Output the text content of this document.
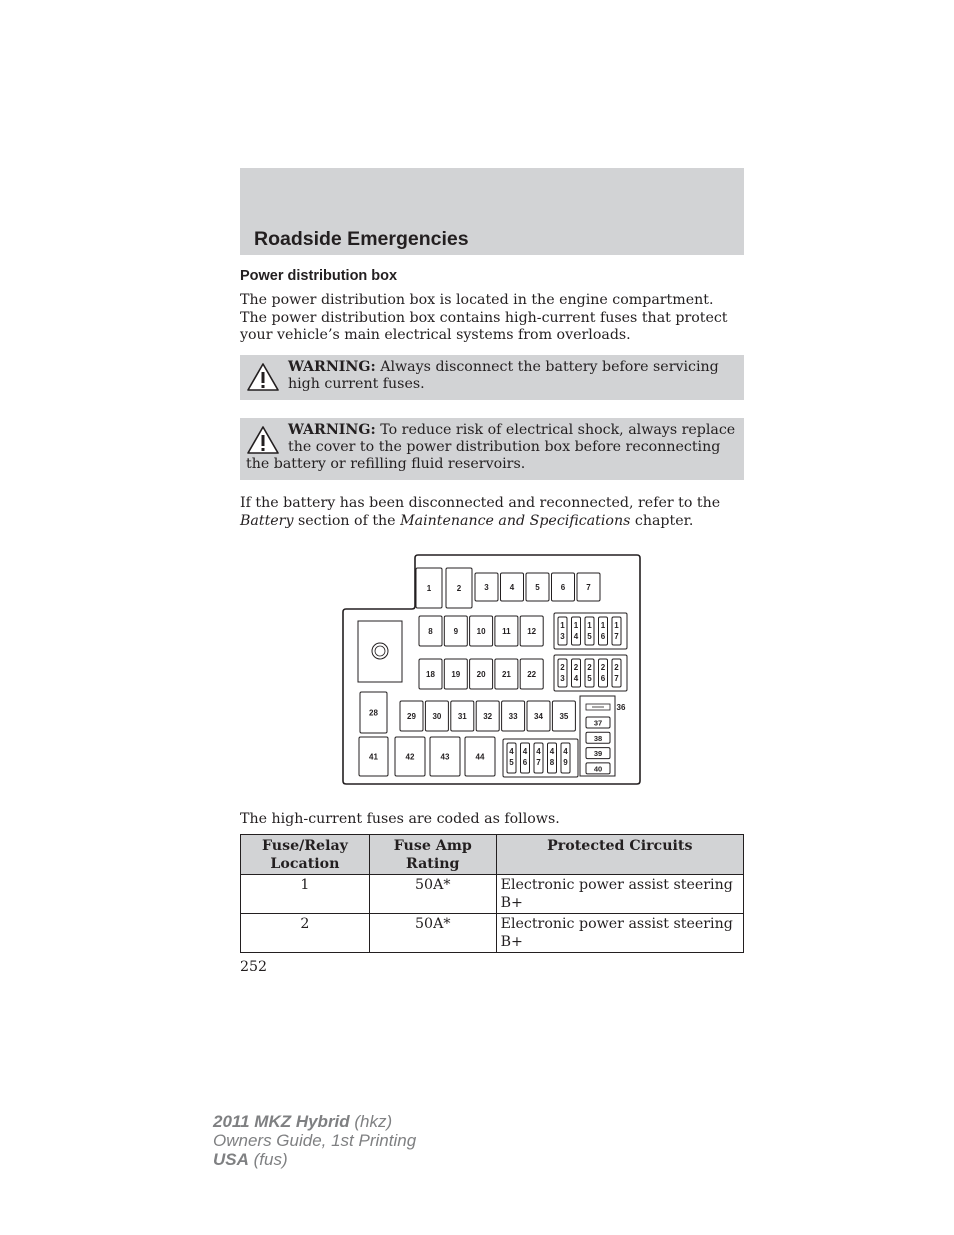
Roadside Emergencies
Power distribution box

The power distribution box is located in the engine compartment. The power distribution box contains high-current fuses that protect your vehicle’s main electrical systems from overloads.

WARNING: Always disconnect the battery before servicing high current fuses.
WARNING: To reduce risk of electrical shock, always replace the cover to the power distribution box before reconnecting the battery or refilling fluid reservoirs.

If the battery has been disconnected and reconnected, refer to the Battery section of the Maintenance and Specifications chapter.

1	2	3	4	5	6	7
8	9 10 11 12
18 19 20 21 22
1
3
1
4
1
5
1
6
1
7
2
3
2
4
2
5
2
6
2
7
4
5
4
6
4
7
4
8
4
9
28	29 30 31 32 33 34 35
36
37
38
39
40
41	42	43	44

The high-current fuses are coded as follows.

Fuse/Relay Location	Fuse Amp Rating	Protected Circuits
1	50A*	Electronic power assist steering B+
2	50A*	Electronic power assist steering B+
252
2011 MKZ Hybrid (hkz)
Owners Guide, 1st Printing
USA (fus)
